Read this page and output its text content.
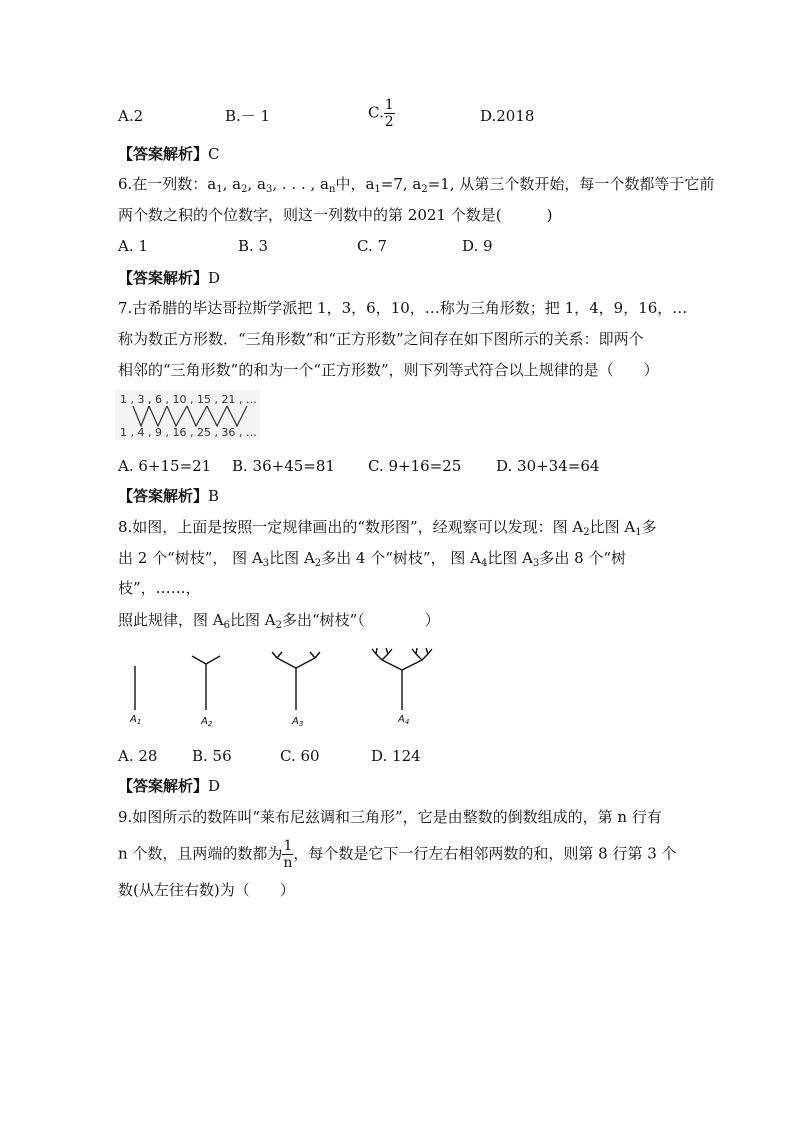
A.2	B.－ 1	C. $\frac{1}{2}$	D.2018
【答案解析】C
6.在一列数：$a_1$, $a_2$, $a_3$, . . . , $a_n$中，$a_1=7$, $a_2=1$, 从第三个数开始，每一个数都等于它前
两个数之积的个位数字，则这一列数中的第 2021 个数是(　　　)
A. 1	B. 3	C. 7	D. 9
【答案解析】D
7.古希腊的毕达哥拉斯学派把 1，3，6，10，…称为三角形数；把 1，4，9，16，…
称为数正方形数．“三角形数”和“正方形数”之间存在如下图所示的关系：即两个
相邻的“三角形数”的和为一个“正方形数”，则下列等式符合以上规律的是（　　）
1 , 3 , 6 , 10 , 15 , 21 , …
1 , 4 , 9 , 16 , 25 , 36 , …
A. 6+15=21 B. 36+45=81 C. 9+16=25 D. 30+34=64
【答案解析】B
8.如图，上面是按照一定规律画出的“数形图”，经观察可以发现：图 $A_2$比图 $A_1$多
出 2 个“树枝”， 图 $A_3$比图 $A_2$多出 4 个“树枝”， 图 $A_4$比图 $A_3$多出 8 个“树
枝”，……，
照此规律，图 $A_6$比图 $A_2$多出“树枝”（　　　　）
$A_1$	$A_2$	$A_3$	$A_4$
A. 28 B. 56	C. 60	D. 124
【答案解析】D
9.如图所示的数阵叫“莱布尼兹调和三角形”，它是由整数的倒数组成的，第 n 行有
n 个数，且两端的数都为 $\frac{1}{n}$ ，每个数是它下一行左右相邻两数的和，则第 8 行第 3 个
数(从左往右数)为（　　）
